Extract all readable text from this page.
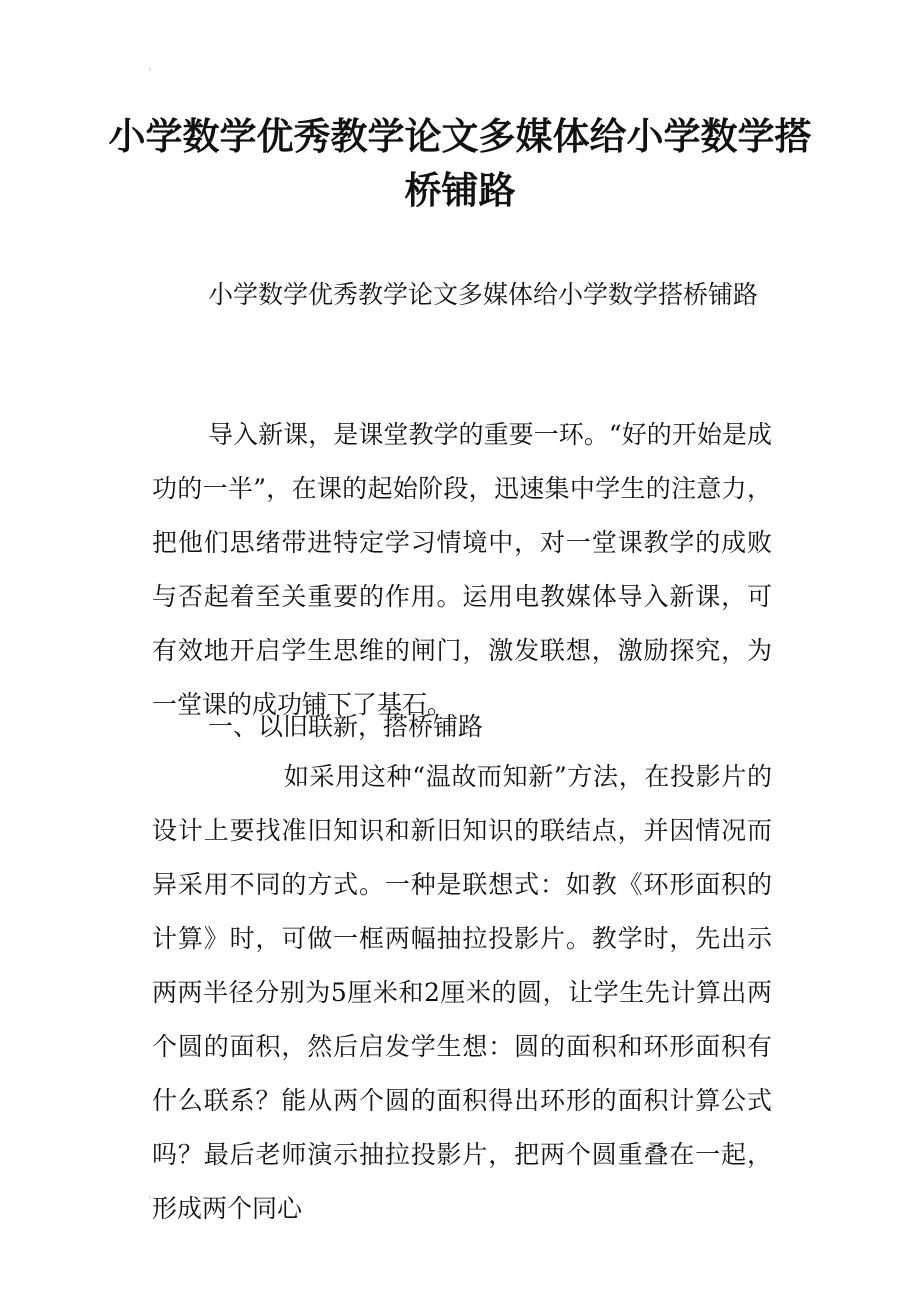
'
小学数学优秀教学论文多媒体给小学数学搭桥铺路

小学数学优秀教学论文多媒体给小学数学搭桥铺路

导入新课，是课堂教学的重要一环。“好的开始是成功的一半”，在课的起始阶段，迅速集中学生的注意力，把他们思绪带进特定学习情境中，对一堂课教学的成败与否起着至关重要的作用。运用电教媒体导入新课，可有效地开启学生思维的闸门，激发联想，激励探究，为一堂课的成功铺下了基石。

一、以旧联新，搭桥铺路

如采用这种“温故而知新”方法，在投影片的设计上要找准旧知识和新旧知识的联结点，并因情况而异采用不同的方式。一种是联想式：如教《环形面积的计算》时，可做一框两幅抽拉投影片。教学时，先出示两两半径分别为5厘米和2厘米的圆，让学生先计算出两个圆的面积，然后启发学生想：圆的面积和环形面积有什么联系？能从两个圆的面积得出环形的面积计算公式吗？最后老师演示抽拉投影片，把两个圆重叠在一起，形成两个同心

'
